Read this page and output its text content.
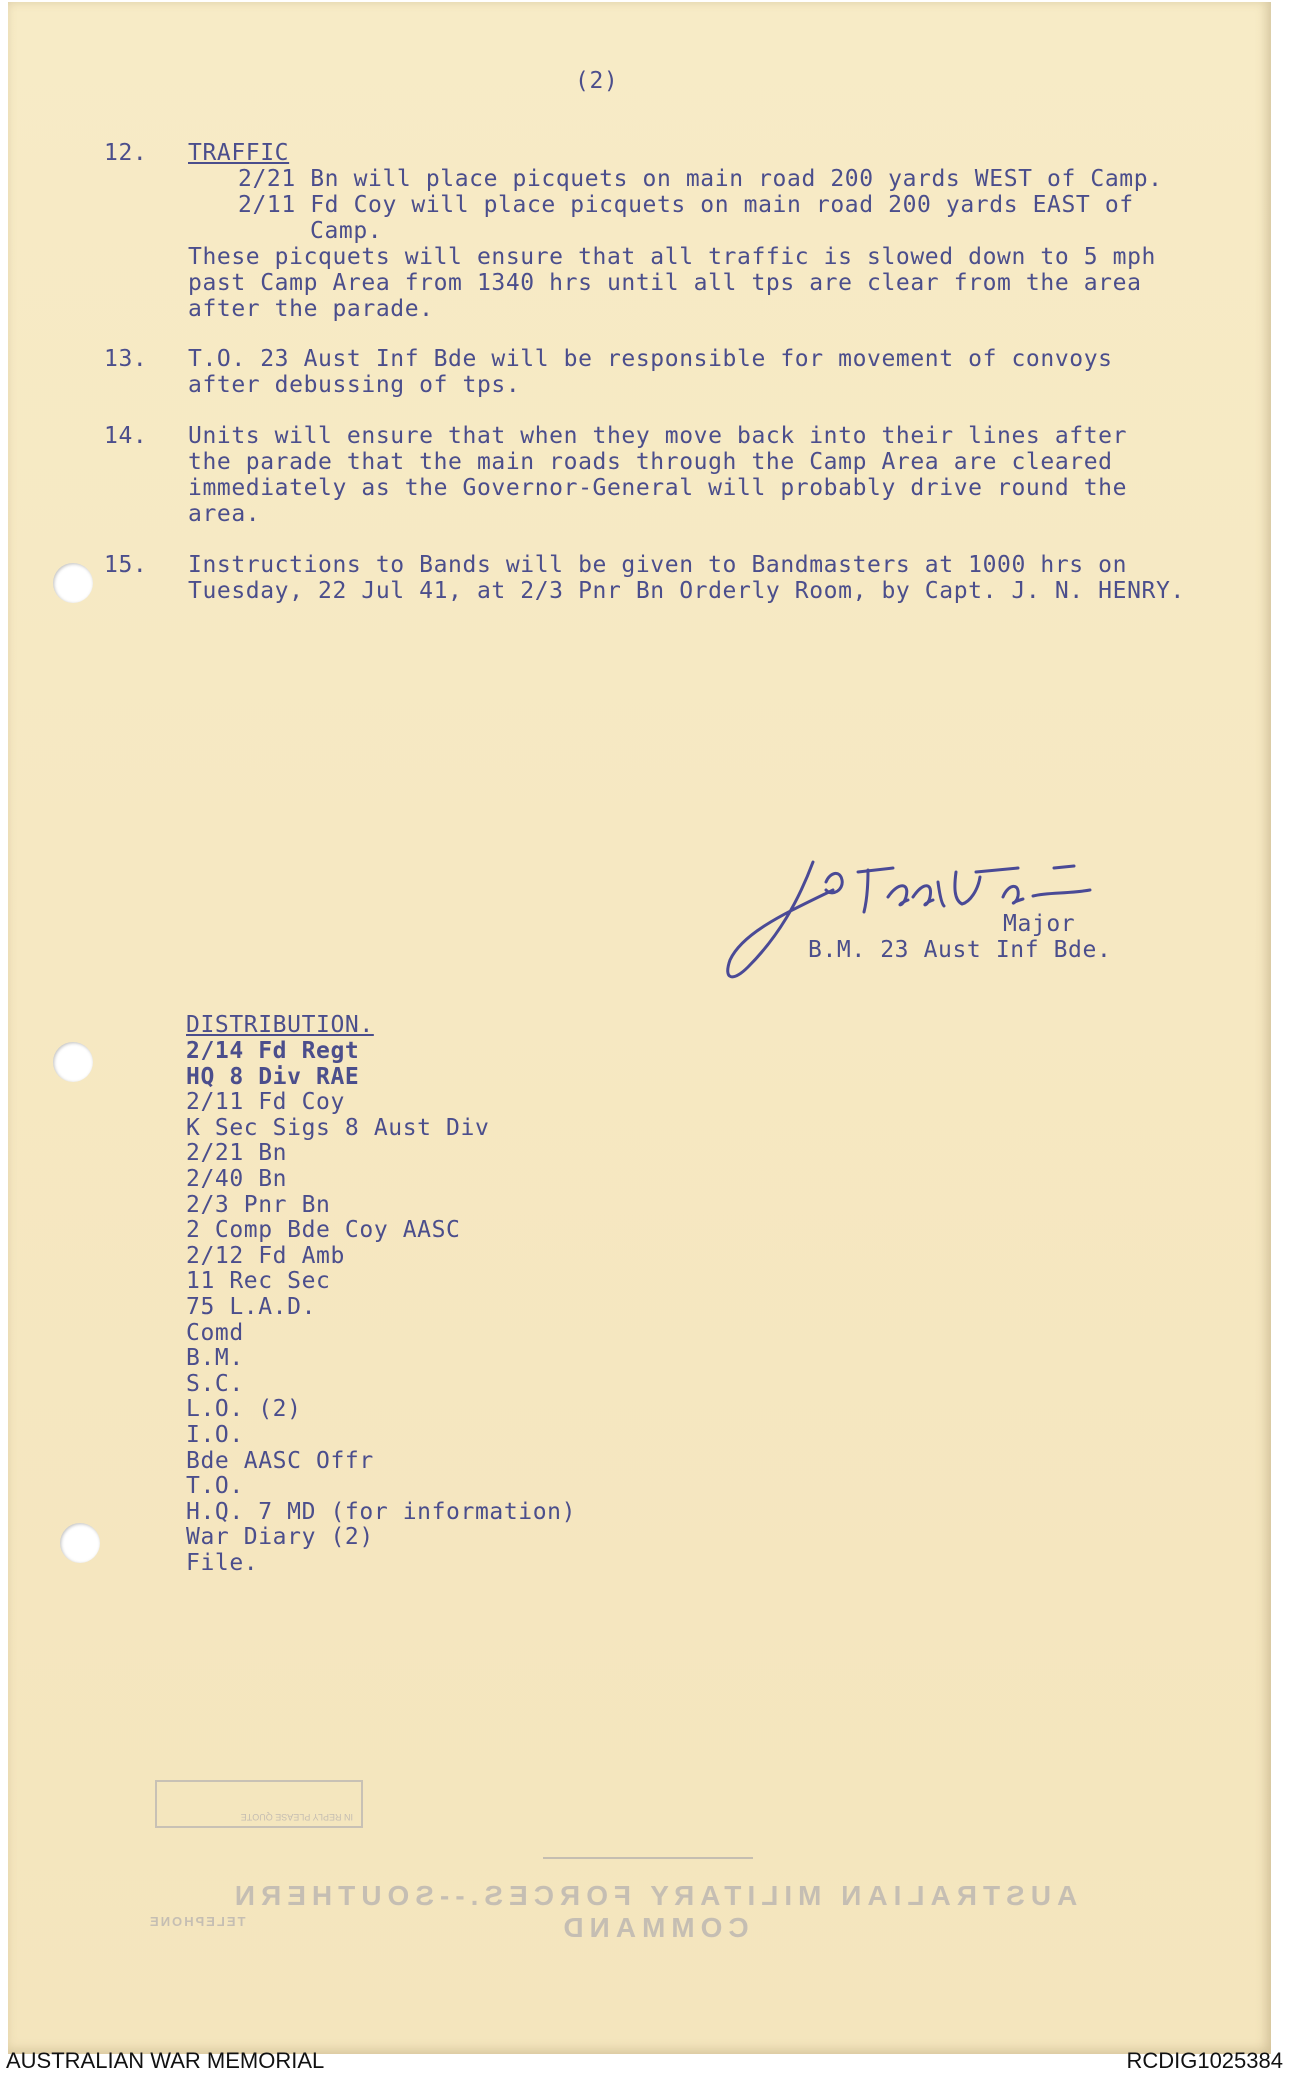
(2)
12. TRAFFIC
2/21 Bn will place picquets on main road 200 yards WEST of Camp.
2/11 Fd Coy will place picquets on main road 200 yards EAST of
Camp.
These picquets will ensure that all traffic is slowed down to 5 mph
past Camp Area from 1340 hrs until all tps are clear from the area
after the parade.
13. T.O. 23 Aust Inf Bde will be responsible for movement of convoys
after debussing of tps.
14. Units will ensure that when they move back into their lines after
the parade that the main roads through the Camp Area are cleared
immediately as the Governor-General will probably drive round the
area.
15. Instructions to Bands will be given to Bandmasters at 1000 hrs on
Tuesday, 22 Jul 41, at 2/3 Pnr Bn Orderly Room, by Capt. J. N. HENRY.
Major
B.M. 23 Aust Inf Bde.
DISTRIBUTION.
2/14 Fd Regt
HQ 8 Div RAE
2/11 Fd Coy
K Sec Sigs 8 Aust Div
2/21 Bn
2/40 Bn
2/3 Pnr Bn
2 Comp Bde Coy AASC
2/12 Fd Amb
11 Rec Sec
75 L.A.D.
Comd
B.M.
S.C.
L.O. (2)
I.O.
Bde AASC Offr
T.O.
H.Q. 7 MD (for information)
War Diary (2)
File.
IN REPLY PLEASE QUOTE
AUSTRALIAN MILITARY FORCES.--SOUTHERN COMMAND
TELEPHONE
AUSTRALIAN WAR MEMORIAL	RCDIG1025384
